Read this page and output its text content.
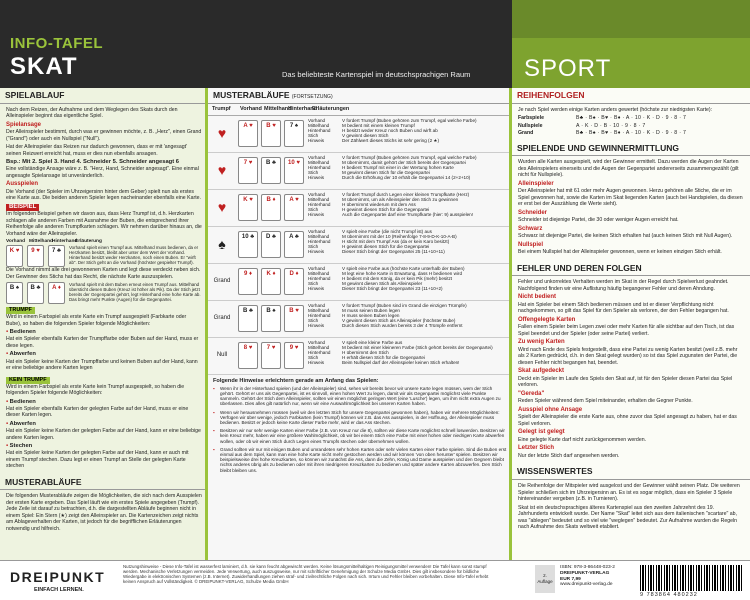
INFO-TAFEL
SKAT	Das beliebteste Kartenspiel im deutschsprachigen Raum SPORT
SPIELABLAUF

Nach dem Reizen, der Aufnahme und dem Weglegen des Skats durch den Alleinspieler beginnt das eigentliche Spiel.

Spielansage

Der Alleinspieler bestimmt, durch was er gewinnen möchte, z. B. „Herz", einen Grand ("Grand") oder auch ein Nullspiel ("Null").

Hat der Alleinspieler das Reizen nur dadurch gewonnen, dass er mit 'angesagt' seinen Reizwert erreicht hat, muss er dies nun ebenfalls ansagen.

Bsp.: Mit 2. Spiel 3. Hand 4. Schneider 5. Schneider angesagt 6

Eine vollständige Ansage wäre z. B. "Herz, Hand, Schneider angesagt". Eine einmal angesagte Spielansage ist unveränderlich.

Ausspielen

Die Vorhand (der Spieler im Uhrzeigersinn hinter dem Geber) spielt nun als erstes eine Karte aus. Die beiden anderen Spieler legen nacheinander ebenfalls eine Karte.

BEISPIEL

Im folgenden Beispiel gehen wir davon aus, dass Herz Trumpf ist, d.h. Herzkarten schlagen alle anderen Farben mit Ausnahme der Buben, die entsprechend ihrer Reihenfolge alle anderen Trumpfkarten schlagen. Wir nehmen darüber hinaus an, die Vorhand wäre der Alleinspieler.

Vorhand Mittelhand Hinterhand
Erläuterung
K ♥	9 ♥	7 ♣

Vorhand spielt einen Trumpf aus. Mittelhand muss bedienen, da er Herzkarten besitzt, bleibt aber unter dem Wert der Vorhand. Hinterhand besitzt weder Herzkarten, noch einen Buben. Er "wirft ab". Der Stich geht an die Vorhand (höchster gespielter Trumpf).

Die Vorhand nimmt alle drei gewonnenen Karten und legt diese verdeckt neben sich. Der Gewinner des Stichs hat das Recht, die nächste Karte auszuspielen.

B ♠	B ♣	A ♦

Vorhand spielt mit dem Buben erneut einen Trumpf aus. Mittelhand übersticht diesen Buben (Kreuz ist höher als Pik). Da der Stich jetzt bereits der Gegenpartei gehört, legt Hinterhand eine hohe Karte ab. Das bringt mehr Punkte (Augen) für die Gegenpartei.

TRUMPF

Wird in einem Farbspiel als erste Karte ein Trumpf ausgespielt (Farbkarte oder Bube), so haben die folgenden Spieler folgende Möglichkeiten:

▪ Bedienen

Hat ein Spieler ebenfalls Karten der Trumpffarbe oder Buben auf der Hand, muss er diese legen.

▪ Abwerfen

Hat ein Spieler keine Karten der Trumpffarbe und keinen Buben auf der Hand, kann er eine beliebige andere Karten legen

KEIN TRUMPF

Wird in einem Farbspiel als erste Karte kein Trumpf ausgespielt, so haben die folgenden Spieler folgende Möglichkeiten:

▪ Bedienen

Hat ein Spieler ebenfalls Karten der gelegten Farbe auf der Hand, muss er eine dieser Karten legen.

▪ Abwerfen

Hat ein Spieler keine Karten der gelegten Farbe auf der Hand, kann er eine beliebige andere Karten legen.

▪ Stechen

Hat ein Spieler keine Karten der gelegten Farbe auf der Hand, kann er auch mit einem Trumpf stechen. Dazu legt er einen Trumpf an Stelle der gelegten Karte stechen

MUSTERABLÄUFE

Die folgenden Musterabläufe zeigen die Möglichkeiten, die sich nach dem Ausspielen der ersten Karte ergeben. Das Spiel läuft wie ein erstes Spiele angegeben (Trumpf). Jede Zeile ist darauf zu betrachten, d.h. die dargestellten Abläufe beginnen nicht in einem Spiel: Ein Stern (★) zeigt den Alleinspieler an. Die Kartenzeichen zeigt nichts am Ablageverhalten der Karten, ist jedoch für die begrifflichen Erläuterungen notwendig und hilfreich.

MUSTERABLÄUFE (FORTSETZUNG)
Trumpf	Vorhand Mittelhand
Hinterhand
Erläuterungen
♥	A ♥	B ♥	7 ♠
Vorhand	V fordert Trumpf (Buben gehören zum Trumpf, egal welche Farbe)
Mittelhand	M bedient mit einem kleinen Trumpf
Hinterhand	H besitzt weder Kreuz noch Buben und wirft ab
Stich	V gewinnt diesen Stich
Hinweis	Der Zählwert dieses Stichs ist sehr gering (2 ★)
♥	7 ♥	B ♣	10 ♥
Vorhand	V fordert Trumpf (Buben gehören zum Trumpf, egal welche Farbe)
Mittelhand	M übernimmt, damit gehört der Stich bereits der Gegenpartei
Hinterhand	H bedient Trumpf mit einer in der Wertung hohen Karte
Stich	M gewinnt diesen Stich für die Gegenpartei
Hinweis	Durch die Erhöhung der 10 erhält die Gegenpartei 14 (2+2+10)
♥	K ♥	B ♦	A ♥
Vorhand	V fordert Trumpf durch Legen einer kleinen Trumpfkarte (Herz)
Mittelhand	M übernimmt, um als Alleinspieler den Stich zu gewinnen
Hinterhand	H übernimmt wiederum mit dem Ass
Stich	H gewinnt diesen Stich für die Gegenpartei
Hinweis	Auch die Gegenpartei darf eine Trumpfkarte (hier: 9) ausspielen!
♠	10 ♣	D ♣	A ♣
Vorhand	V spielt eine Farbe (die nicht Trumpf ist) aus
Mittelhand	M übernimmt mit der 10 (Reihenfolge 7-8-9-D-K-10-A-B)
Hinterhand	H sticht mit dem Trumpf Ass (da er kein Karo besitzt)
Stich	H gewinnt diesen Stich für die Gegenpartei
Hinweis	Dieser Stich bringt der Gegenpartei 25 (11+10+11)
Grand
9 ♦	K ♦	D ♦
Vorhand	V spielt eine Farbe aus (höchste Karte unterhalb der Buben)
Mittelhand	M legt eine hohe Karte in Erwartung, dass H bedienen wird
Hinterhand	H bedient mit dem König, da er kein Pik (mehr) besitzt
Stich	M gewinnt diesen Stich als Alleinspieler
Hinweis	Dieser Stich bringt der Gegenpartei 23 (11+10+2)
Grand
B ♣	B ♠	B ♥
Vorhand	V fordert Trumpf (Buben sind im Grand die einzigen Trümpfe)
Mittelhand	M muss seinen Buben legen
Hinterhand	H muss seinen Buben legen
Stich	V gewinnt diesen Stich als Alleinspieler (höchster Bube)
Hinweis	Durch diesen Stich wurden bereits 3 der 4 Trümpfe entfernt
Null
8 ♥	7 ♥	9 ♥
Vorhand	V spielt eine kleine Farbe aus
Mittelhand	M bedient mit einer kleineren Farbe (Stich gehört bereits der Gegenpartei)
Hinterhand	H übernimmt den Stich
Stich	H erhält diesen Stich für die Gegenpartei
Hinweis	Beim Nullspiel darf der Alleinspieler keinen Stich erhalten!
Folgende Hinweise erleichtern gerade am Anfang das Spielen:
▪ Wenn ihr in der Hinterhand spielen (und der Alleinspieler) sind, sehen wir bereits bevor wir unsere Karte legen müssen, wem der Stich gehört. Gehört er uns als Gegenpartei, ist es sinnvoll, einen hohen Wert zu legen, damit wir als Gegenpartei möglichst viele Punkte sammeln. Gehört der Stich dem Alleinspieler, sollten wir einen möglichst geringen Wert (eine 'Lusche') legen, um ihm nicht extra Augen zu überlassen. Dies alles gilt natürlich nur, wenn wir eine Auswahlmöglichkeit bei unseren Karten haben.
▪ Wenn wir herausnehmen müssen (weil wir den letzten Stich für unsere Gegenpartei gewonnen haben), haben wir mehrere Möglichkeiten: Verfügen wir über wenige, jedoch Farbkarten (kein Trumpf) können wir z.B. das Ass ausspielen, in der Hoffnung, der Alleinspieler muss bedienen. Besitzt er jedoch keine Karte dieser Farbe mehr, wird er das Ass stechen.
▪ Besitzen wir nur sehr wenige Karten einer Farbe (z.B. von Kreuz nur die 8), sollten wir diese Karte möglichst schnell loswerden. Besitzen wir kein Kreuz mehr, haben wir eine größere Wahlmöglichkeit, ob wir bei einem Stich eine Farbe mit einer hohen oder niedrigen Karte abwerfen wollen, oder ob wir einen Stich durch Legen eines Trumpfs stechen oder übernehmen wollen.
▪ Grand sollten wir nur mit einigen Buben und umrandeten sehr hohen Karten oder sehr vielen Karten einer Farbe spielen. Sind die Buben erst einmal aus dem Spiel, kann man eine hohe Karte nicht mehr gestochen werden und wir können 'von oben herunter' spielen. Besitzen wir beispielsweise drei hohe Kreuzkarten, so können wir zunächst die Ass, dann die Zehn, König und Dame ausspielen und den Gegnern bleibt nichts anderes übrig als zu bedienen oder mit ihren niedrigeren Kreuzkarten zu bedienen und später andere Karten abzuwerfen. Den Stich bleibt bleiben uns.
REIHENFOLGEN

Je nach Spiel werden einige Karten anders gewertet (höchste zur niedrigsten Karte):

Farbspiele	B♣ · B♠ · B♥ · B♦ · A · 10 · K · D · 9 · 8 · 7
Nullspiele	A · K · D · B · 10 · 9 · 8 · 7
Grand	B♣ · B♠ · B♥ · B♦ · A · 10 · K · D · 9 · 8 · 7
SPIELENDE UND GEWINNERMITTLUNG

Wurden alle Karten ausgespielt, wird der Gewinner ermittelt. Dazu werden die Augen der Karten des Alleinspielers einerseits und die Augen der Gegenpartei andererseits zusammengezählt (gilt nicht für Nullspiele).

Alleinspieler

Der Alleinspieler hat mit 61 oder mehr Augen gewonnen. Herzu gehören alle Stiche, die er im Spiel gewonnen hat, sowie die Karten im Skat liegenden Karten (auch bei Handspielen, da diesen er erst bei der Auszählung die Werte sieht).

Schneider

Schneider ist diejenige Partei, die 30 oder weniger Augen erreicht hat.

Schwarz

Schwarz ist diejenige Partei, die keinen Stich erhalten hat (auch keinen Stich mit Null Augen).

Nullspiel

Bei einem Nullspiel hat der Alleinspieler gewonnen, wenn er keinen einzigen Stich erhält.

FEHLER UND DEREN FOLGEN

Fehler und unkorrektes Verhalten werden im Skat in der Regel durch Spielverlust geahndet. Nachfolgend finden wir eine Auflistung häufig begangener Fehler und deren Ahndung.

Nicht bedient

Hat ein Spieler bei einem Stich bedienen müssen und ist er dieser Verpflichtung nicht nachgekommen, so gilt das Spiel für den Spieler als verloren, der den Fehler begangen hat.

Offengelegte Karten

Fallen einem Spieler beim Legen zwei oder mehr Karten für alle sichtbar auf den Tisch, ist das Spiel beendet und der Spieler (oder seine Partei) verliert.

Zu wenig Karten

Wird nach Ende des Spiels festgestellt, dass eine Partei zu wenig Karten besitzt (weil z.B. mehr als 2 Karten gedrückt, d.h. in den Skat gelegt wurden) so ist das Spiel zugunsten der Partei, die diesen Fehler nicht begangen hat, beendet.

Skat aufgedeckt

Deckt ein Spieler im Laufe des Spiels den Skat auf, ist für den Spieler diesen Partei das Spiel verloren.

"Gereda"

Reden Spieler während dem Spiel miteinander, erhalten die Gegner Punkte.

Ausspiel ohne Ansage

Spielt der Alleinspieler die erste Karte aus, ohne zuvor das Spiel angesagt zu haben, hat er das Spiel verloren.

Gelegt ist gelegt

Eine gelegte Karte darf nicht zurückgenommen werden.

Letzter Stich

Nur der letzte Stich darf angesehen werden.

WISSENSWERTES

Die Reihenfolge der Mitspieler wird ausgelost und der Gewinner wählt seinen Platz. Die weiteren Spieler schließen sich im Uhrzeigersinn an. Es ist es sogar möglich, dass ein Spieler 3 Spiele hintereinander vergeben (z.B. in Turnieren).

Skat ist ein deutschsprachiges älteres Kartenspiel aus den zweiten Jahrzehnt des 19. Jahrhunderts entwickelt wurde. Der Name "Skat" leitet sich aus dem italienischen "scartare" ab, was "ablegen" bedeutet und so viel wie "weglegen" bedeutet. Zur Aufnahme wurden die Regeln nach Aufnahme des Skats weltweit etabliert.

DREIPUNKT
EINFACH LERNEN.
Nutzungshinweise - Diese Info-Tafel ist wasserfest laminiert, d.h. sie kann feucht abgewischt werden. Keine lösungsmittelhaltigen Reinigungsmittel verwenden! Die Tafel kann sonst stumpf werden. Mechanische Verletzungen vermeiden. Jede Verwertung, auch auszugsweise, nur mit schriftlicher Genehmigung der Schulze Media GmbH. Dies gilt insbesondere für bildliche Wiedergabe in elektronischen Systemen (z.B. Internet). Zuwiderhandlungen ziehen straf- und zivilrechtliche Folgen nach sich. Irrtum und Fehler bleiben vorbehalten. Diese Info-Tafel erhebt keinen Anspruch auf Vollständigkeit. © DREIPUNKT-VERLAG, Schulze Media GmbH
2. Auflage
ISBN: 978-3-86448-023-2
DREIPUNKT-VERLAG
EUR 7,99
www.dreipunkt-verlag.de
9 783864 480232
